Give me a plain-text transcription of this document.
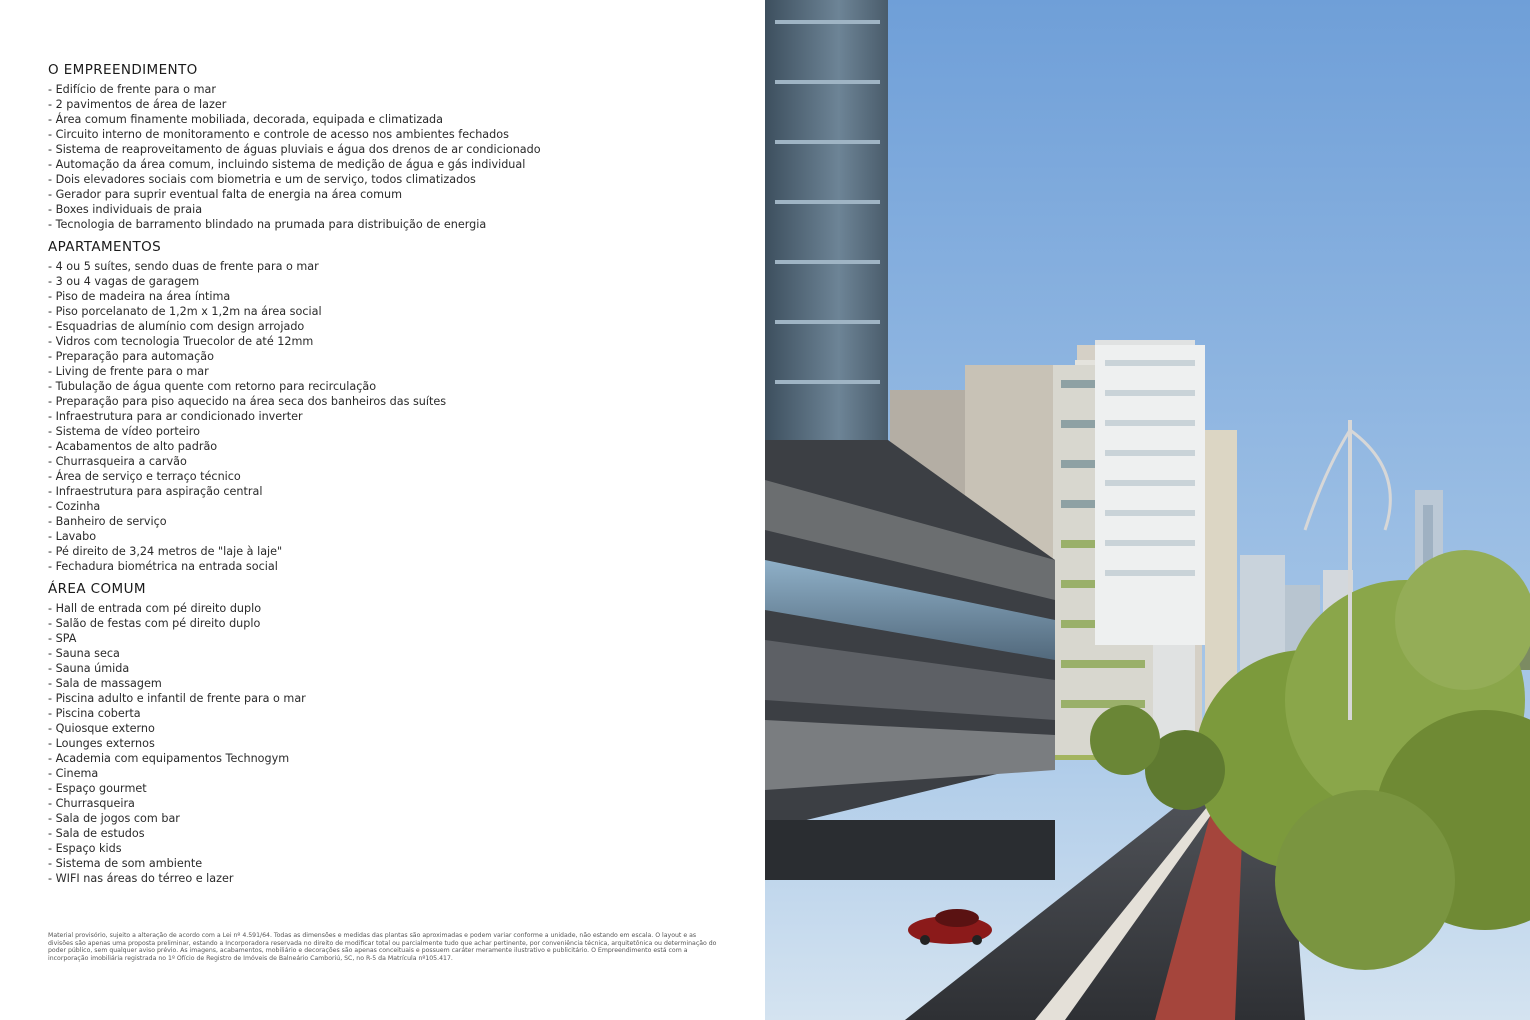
O EMPREENDIMENTO
- Edifício de frente para o mar
- 2 pavimentos de área de lazer
- Área comum finamente mobiliada, decorada, equipada e climatizada
- Circuito interno de monitoramento e controle de acesso nos ambientes fechados
- Sistema de reaproveitamento de águas pluviais e água dos drenos de ar condicionado
- Automação da área comum, incluindo sistema de medição de água e gás individual
- Dois elevadores sociais com biometria e um de serviço, todos climatizados
- Gerador para suprir eventual falta de energia na área comum
- Boxes individuais de praia
- Tecnologia de barramento blindado na prumada para distribuição de energia
APARTAMENTOS
- 4 ou 5 suítes, sendo duas de frente para o mar
- 3 ou 4 vagas de garagem
- Piso de madeira na área íntima
- Piso porcelanato de 1,2m x 1,2m na área social
- Esquadrias de alumínio com design arrojado
- Vidros com tecnologia Truecolor de até 12mm
- Preparação para automação
- Living de frente para o mar
- Tubulação de água quente com retorno para recirculação
- Preparação para piso aquecido na área seca dos banheiros das suítes
- Infraestrutura para ar condicionado inverter
- Sistema de vídeo porteiro
- Acabamentos de alto padrão
- Churrasqueira a carvão
- Área de serviço e terraço técnico
- Infraestrutura para aspiração central
- Cozinha
- Banheiro de serviço
- Lavabo
- Pé direito de 3,24 metros de "laje à laje"
- Fechadura biométrica na entrada social
ÁREA COMUM
- Hall de entrada com pé direito duplo
- Salão de festas com pé direito duplo
- SPA
- Sauna seca
- Sauna úmida
- Sala de massagem
- Piscina adulto e infantil de frente para o mar
- Piscina coberta
- Quiosque externo
- Lounges externos
- Academia com equipamentos Technogym
- Cinema
- Espaço gourmet
- Churrasqueira
- Sala de jogos com bar
- Sala de estudos
- Espaço kids
- Sistema de som ambiente
- WIFI nas áreas do térreo e lazer

Material provisório, sujeito a alteração de acordo com a Lei nº 4.591/64. Todas as dimensões e medidas das plantas são aproximadas e podem variar conforme a unidade, não estando em escala. O layout e as divisões são apenas uma proposta preliminar, estando a Incorporadora reservada no direito de modificar total ou parcialmente tudo que achar pertinente, por conveniência técnica, arquitetônica ou determinação do poder público, sem qualquer aviso prévio. As imagens, acabamentos, mobiliário e decorações são apenas conceituais e possuem caráter meramente ilustrativo e publicitário. O Empreendimento está com a incorporação imobiliária registrada no 1º Ofício de Registro de Imóveis de Balneário Camboriú, SC, no R-5 da Matrícula nº105.417.
